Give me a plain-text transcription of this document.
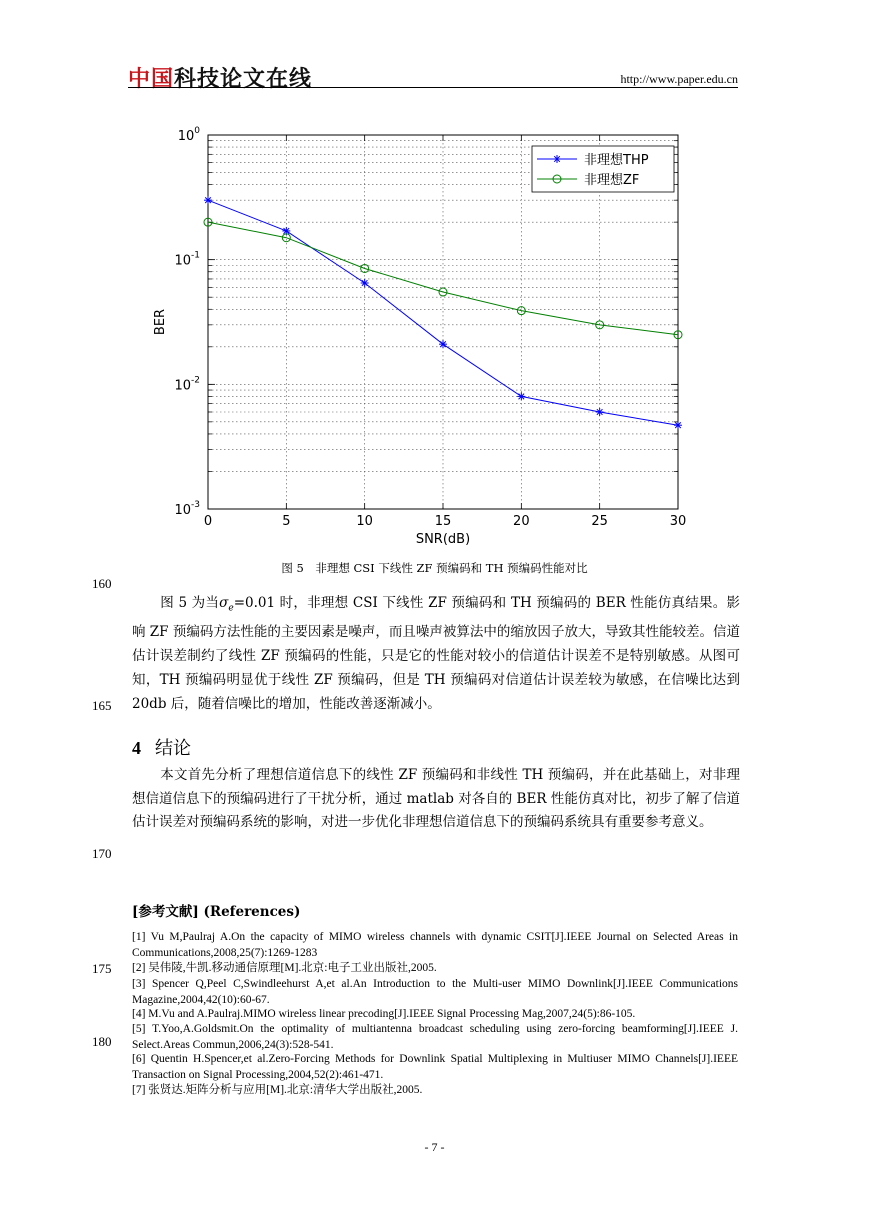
中国科技论文在线	http://www.paper.edu.cn
0	5	10	15	20	25	30
$10^0$
$10^{-1}$
$10^{-2}$
$10^{-3}$
SNR(dB)
BER
非理想THP
非理想ZF
图 5　非理想 CSI 下线性 ZF 预编码和 TH 预编码性能对比
160
165
170
175
180
图 5 为当$\sigma_e=0.01$ 时，非理想 CSI 下线性 ZF 预编码和 TH 预编码的 BER 性能仿真结果。影响 ZF 预编码方法性能的主要因素是噪声，而且噪声被算法中的缩放因子放大，导致其性能较差。信道估计误差制约了线性 ZF 预编码的性能，只是它的性能对较小的信道估计误差不是特别敏感。从图可知，TH 预编码明显优于线性 ZF 预编码，但是 TH 预编码对信道估计误差较为敏感，在信噪比达到 20db 后，随着信噪比的增加，性能改善逐渐减小。
4 结论
本文首先分析了理想信道信息下的线性 ZF 预编码和非线性 TH 预编码，并在此基础上，对非理想信道信息下的预编码进行了干扰分析，通过 matlab 对各自的 BER 性能仿真对比，初步了解了信道估计误差对预编码系统的影响，对进一步优化非理想信道信息下的预编码系统具有重要参考意义。
[参考文献] (References)
[1] Vu M,Paulraj A.On the capacity of MIMO wireless channels with dynamic CSIT[J].IEEE Journal on Selected Areas in Communications,2008,25(7):1269-1283
[2] 吴伟陵,牛凯.移动通信原理[M].北京:电子工业出版社,2005.
[3] Spencer Q,Peel C,Swindleehurst A,et al.An Introduction to the Multi-user MIMO Downlink[J].IEEE Communications Magazine,2004,42(10):60-67.
[4] M.Vu and A.Paulraj.MIMO wireless linear precoding[J].IEEE Signal Processing Mag,2007,24(5):86-105.
[5] T.Yoo,A.Goldsmit.On the optimality of multiantenna broadcast scheduling using zero-forcing beamforming[J].IEEE J. Select.Areas Commun,2006,24(3):528-541.
[6] Quentin H.Spencer,et al.Zero-Forcing Methods for Downlink Spatial Multiplexing in Multiuser MIMO Channels[J].IEEE Transaction on Signal Processing,2004,52(2):461-471.
[7] 张贤达.矩阵分析与应用[M].北京:清华大学出版社,2005.
- 7 -
